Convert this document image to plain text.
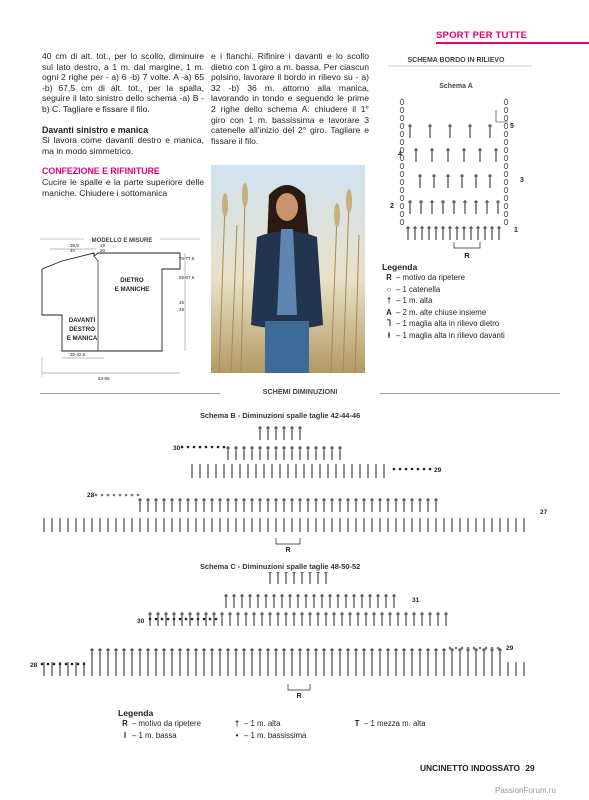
SPORT PER TUTTE

40 cm di alt. tot., per lo scollo, diminuire sul lato destro, a 1 m. dal margine, 1 m. ogni 2 righe per - a) 6 -b) 7 volte. A -a) 65 -b) 67,5 cm di alt. tot., per la spalla, seguire il lato sinistro dello schema -a) B -b) C. Tagliare e fissare il filo.

Davanti sinistro e manica

Si lavora come davanti destro e manica, ma in modo simmetrico.

CONFEZIONE E RIFINITURE

Cucire le spalle e la parte superiore delle maniche. Chiudere i sottomanica

e i fianchi. Rifinire i davanti e lo scollo dietro con 1 giro a m. bassa. Per ciascun polsino, lavorare il bordo in rilievo su - a) 32 -b) 36 m. attorno alla manica, lavorando in tondo e seguendo le prime 2 righe dello schema A: chiudere il 1° giro con 1 m. bassissima e lavorare 3 catenelle all'inizio del 2° giro. Tagliare e fissare il filo.

MODELLO E MISURE
38,5
40
18
20
75-77,5
65-67,5
45
48
DIETRO
E MANICHE
DAVANTI
DESTRO
E MANICA
30-32,5
63-68
SCHEMA BORDO IN RILIEVO
Schema A
5
4
3
2
1
R
Legenda
R – motivo da ripetere
○ – 1 catenella
† – 1 m. alta
A – 2 m. alte chiuse insieme
Ⴈ – 1 maglia alta in rilievo dietro
ƚ – 1 maglia alta in rilievo davanti
SCHEMI DIMINUZIONI
Schema B - Diminuzioni spalle taglie 42-44-46
30
29
28
27
R
Schema C - Diminuzioni spalle taglie 48-50-52
31
30
29
28
R
Legenda
R – motivo da ripetere
I – 1 m. bassa
† – 1 m. alta
• – 1 m. bassissima
T – 1 mezza m. alta
UNCINETTO INDOSSATO 29
PassionForum.ru
